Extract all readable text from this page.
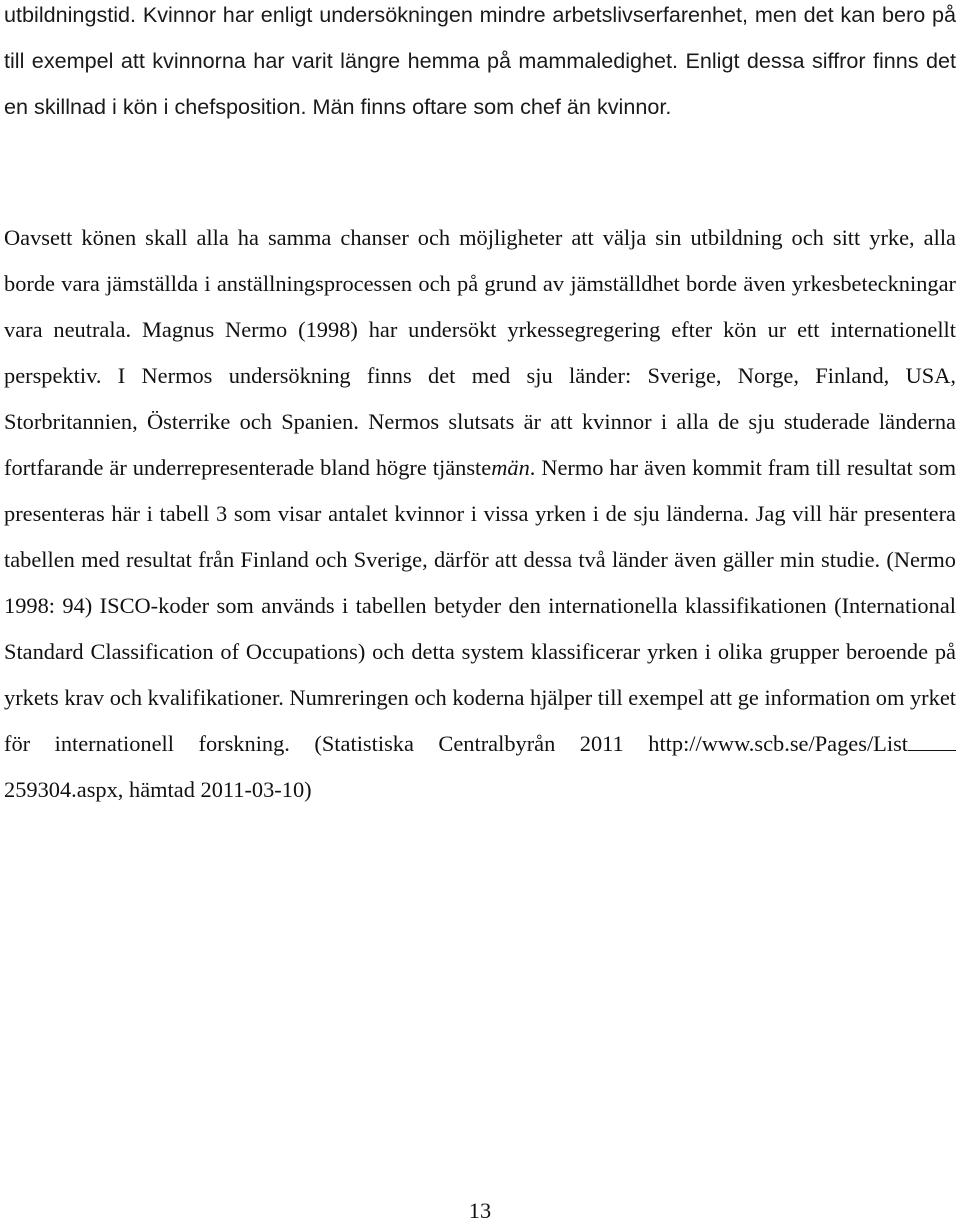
utbildningstid. Kvinnor har enligt undersökningen mindre arbetslivserfarenhet, men det kan bero på till exempel att kvinnorna har varit längre hemma på mammaledighet. Enligt dessa siffror finns det en skillnad i kön i chefsposition. Män finns oftare som chef än kvinnor.

Oavsett könen skall alla ha samma chanser och möjligheter att välja sin utbildning och sitt yrke, alla borde vara jämställda i anställningsprocessen och på grund av jämställdhet borde även yrkesbeteckningar vara neutrala. Magnus Nermo (1998) har undersökt yrkessegregering efter kön ur ett internationellt perspektiv. I Nermos undersökning finns det med sju länder: Sverige, Norge, Finland, USA, Storbritannien, Österrike och Spanien. Nermos slutsats är att kvinnor i alla de sju studerade länderna fortfarande är underrepresenterade bland högre tjänstemän. Nermo har även kommit fram till resultat som presenteras här i tabell 3 som visar antalet kvinnor i vissa yrken i de sju länderna. Jag vill här presentera tabellen med resultat från Finland och Sverige, därför att dessa två länder även gäller min studie. (Nermo 1998: 94) ISCO-koder som används i tabellen betyder den internationella klassifikationen (International Standard Classification of Occupations) och detta system klassificerar yrken i olika grupper beroende på yrkets krav och kvalifikationer. Numreringen och koderna hjälper till exempel att ge information om yrket för internationell forskning. (Statistiska Centralbyrån 2011 http://www.scb.se/Pages/List259304.aspx, hämtad 2011-03-10)

13
